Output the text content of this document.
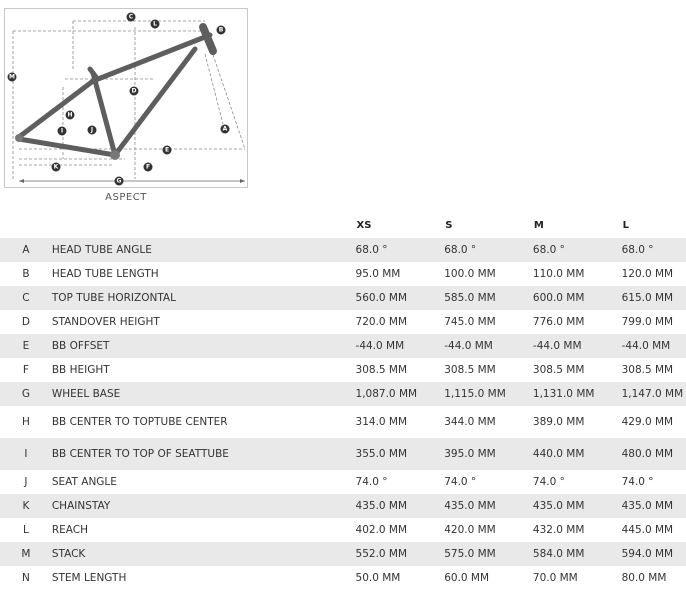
C
L
B
M
D
H
I	J	A
E
F
K
G
ASPECT
		XS	S	M	L
A	HEAD TUBE ANGLE	68.0 °	68.0 °	68.0 °	68.0 °
B	HEAD TUBE LENGTH	95.0 MM	100.0 MM	110.0 MM	120.0 MM
C	TOP TUBE HORIZONTAL	560.0 MM	585.0 MM	600.0 MM	615.0 MM
D	STANDOVER HEIGHT	720.0 MM	745.0 MM	776.0 MM	799.0 MM
E	BB OFFSET	-44.0 MM	-44.0 MM	-44.0 MM	-44.0 MM
F	BB HEIGHT	308.5 MM	308.5 MM	308.5 MM	308.5 MM
G	WHEEL BASE	1,087.0 MM	1,115.0 MM	1,131.0 MM	1,147.0 MM
H	BB CENTER TO TOPTUBE CENTER	314.0 MM	344.0 MM	389.0 MM	429.0 MM
I	BB CENTER TO TOP OF SEATTUBE	355.0 MM	395.0 MM	440.0 MM	480.0 MM
J	SEAT ANGLE	74.0 °	74.0 °	74.0 °	74.0 °
K	CHAINSTAY	435.0 MM	435.0 MM	435.0 MM	435.0 MM
L	REACH	402.0 MM	420.0 MM	432.0 MM	445.0 MM
M	STACK	552.0 MM	575.0 MM	584.0 MM	594.0 MM
N	STEM LENGTH	50.0 MM	60.0 MM	70.0 MM	80.0 MM
